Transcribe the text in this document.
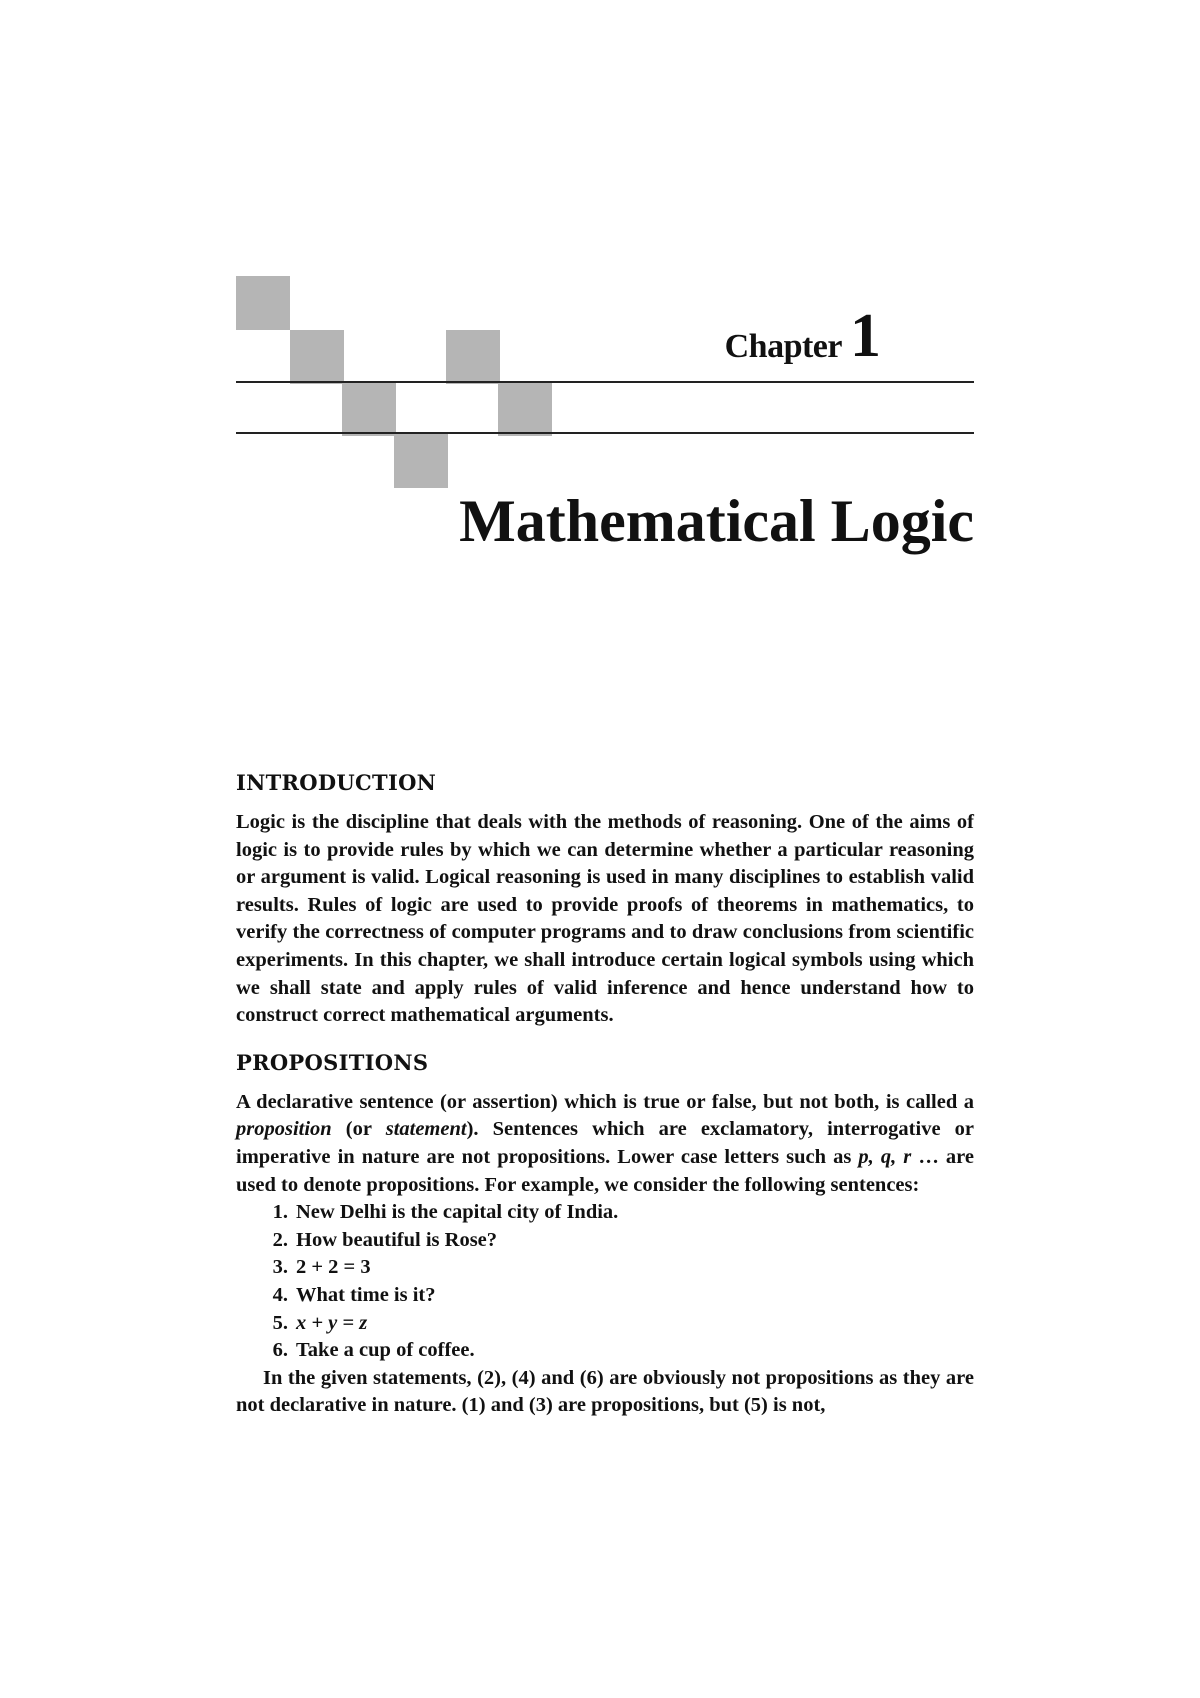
Chapter 1
Mathematical Logic
INTRODUCTION

Logic is the discipline that deals with the methods of reasoning. One of the aims of logic is to provide rules by which we can determine whether a particular reasoning or argument is valid. Logical reasoning is used in many disciplines to establish valid results. Rules of logic are used to provide proofs of theorems in mathematics, to verify the correctness of computer programs and to draw conclusions from scientific experiments. In this chapter, we shall introduce certain logical symbols using which we shall state and apply rules of valid inference and hence understand how to construct correct mathematical arguments.

PROPOSITIONS

A declarative sentence (or assertion) which is true or false, but not both, is called a proposition (or statement). Sentences which are exclamatory, interrogative or imperative in nature are not propositions. Lower case letters such as p, q, r … are used to denote propositions. For example, we consider the following sentences:

1. New Delhi is the capital city of India.
2. How beautiful is Rose?
3. 2 + 2 = 3
4. What time is it?
5. x + y = z
6. Take a cup of coffee.

In the given statements, (2), (4) and (6) are obviously not propositions as they are not declarative in nature. (1) and (3) are propositions, but (5) is not,
